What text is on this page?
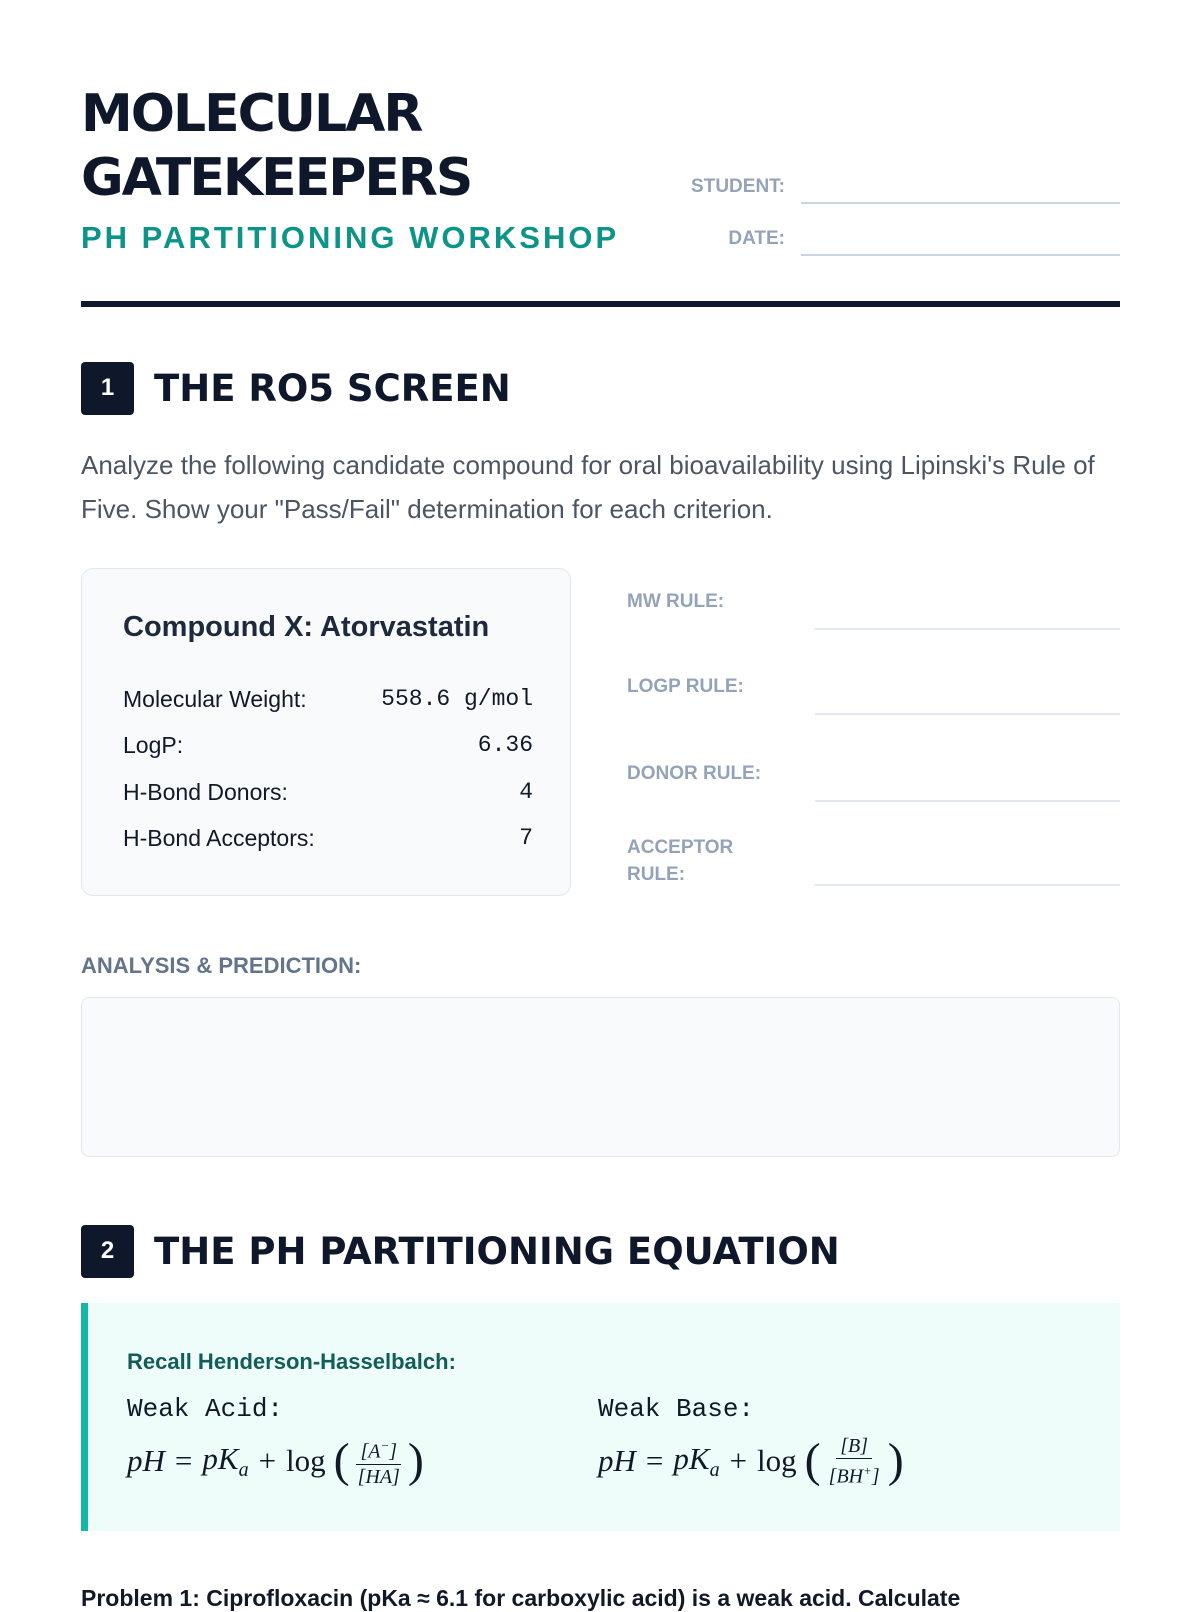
MOLECULAR
GATEKEEPERS
PH PARTITIONING WORKSHOP
STUDENT:
DATE:
1	THE RO5 SCREEN

Analyze the following candidate compound for oral bioavailability using Lipinski's Rule of Five. Show your "Pass/Fail" determination for each criterion.

Compound X: Atorvastatin
Molecular Weight:	558.6 g/mol
LogP:	6.36
H-Bond Donors:	4
H-Bond Acceptors:	7
MW RULE:
LOGP RULE:
DONOR RULE:
ACCEPTOR RULE:
ANALYSIS & PREDICTION:
2	THE PH PARTITIONING EQUATION
Recall Henderson-Hasselbalch:
Weak Acid:
pH = $pK_a + \log$ ( $\frac{[A^-]}{[HA]}$ )
Weak Base:
pH = $pK_a + \log$ ( $\frac{[B]}{[BH^+]}$ )
Problem 1: Ciprofloxacin (pKa ≈ 6.1 for carboxylic acid) is a weak acid. Calculate
